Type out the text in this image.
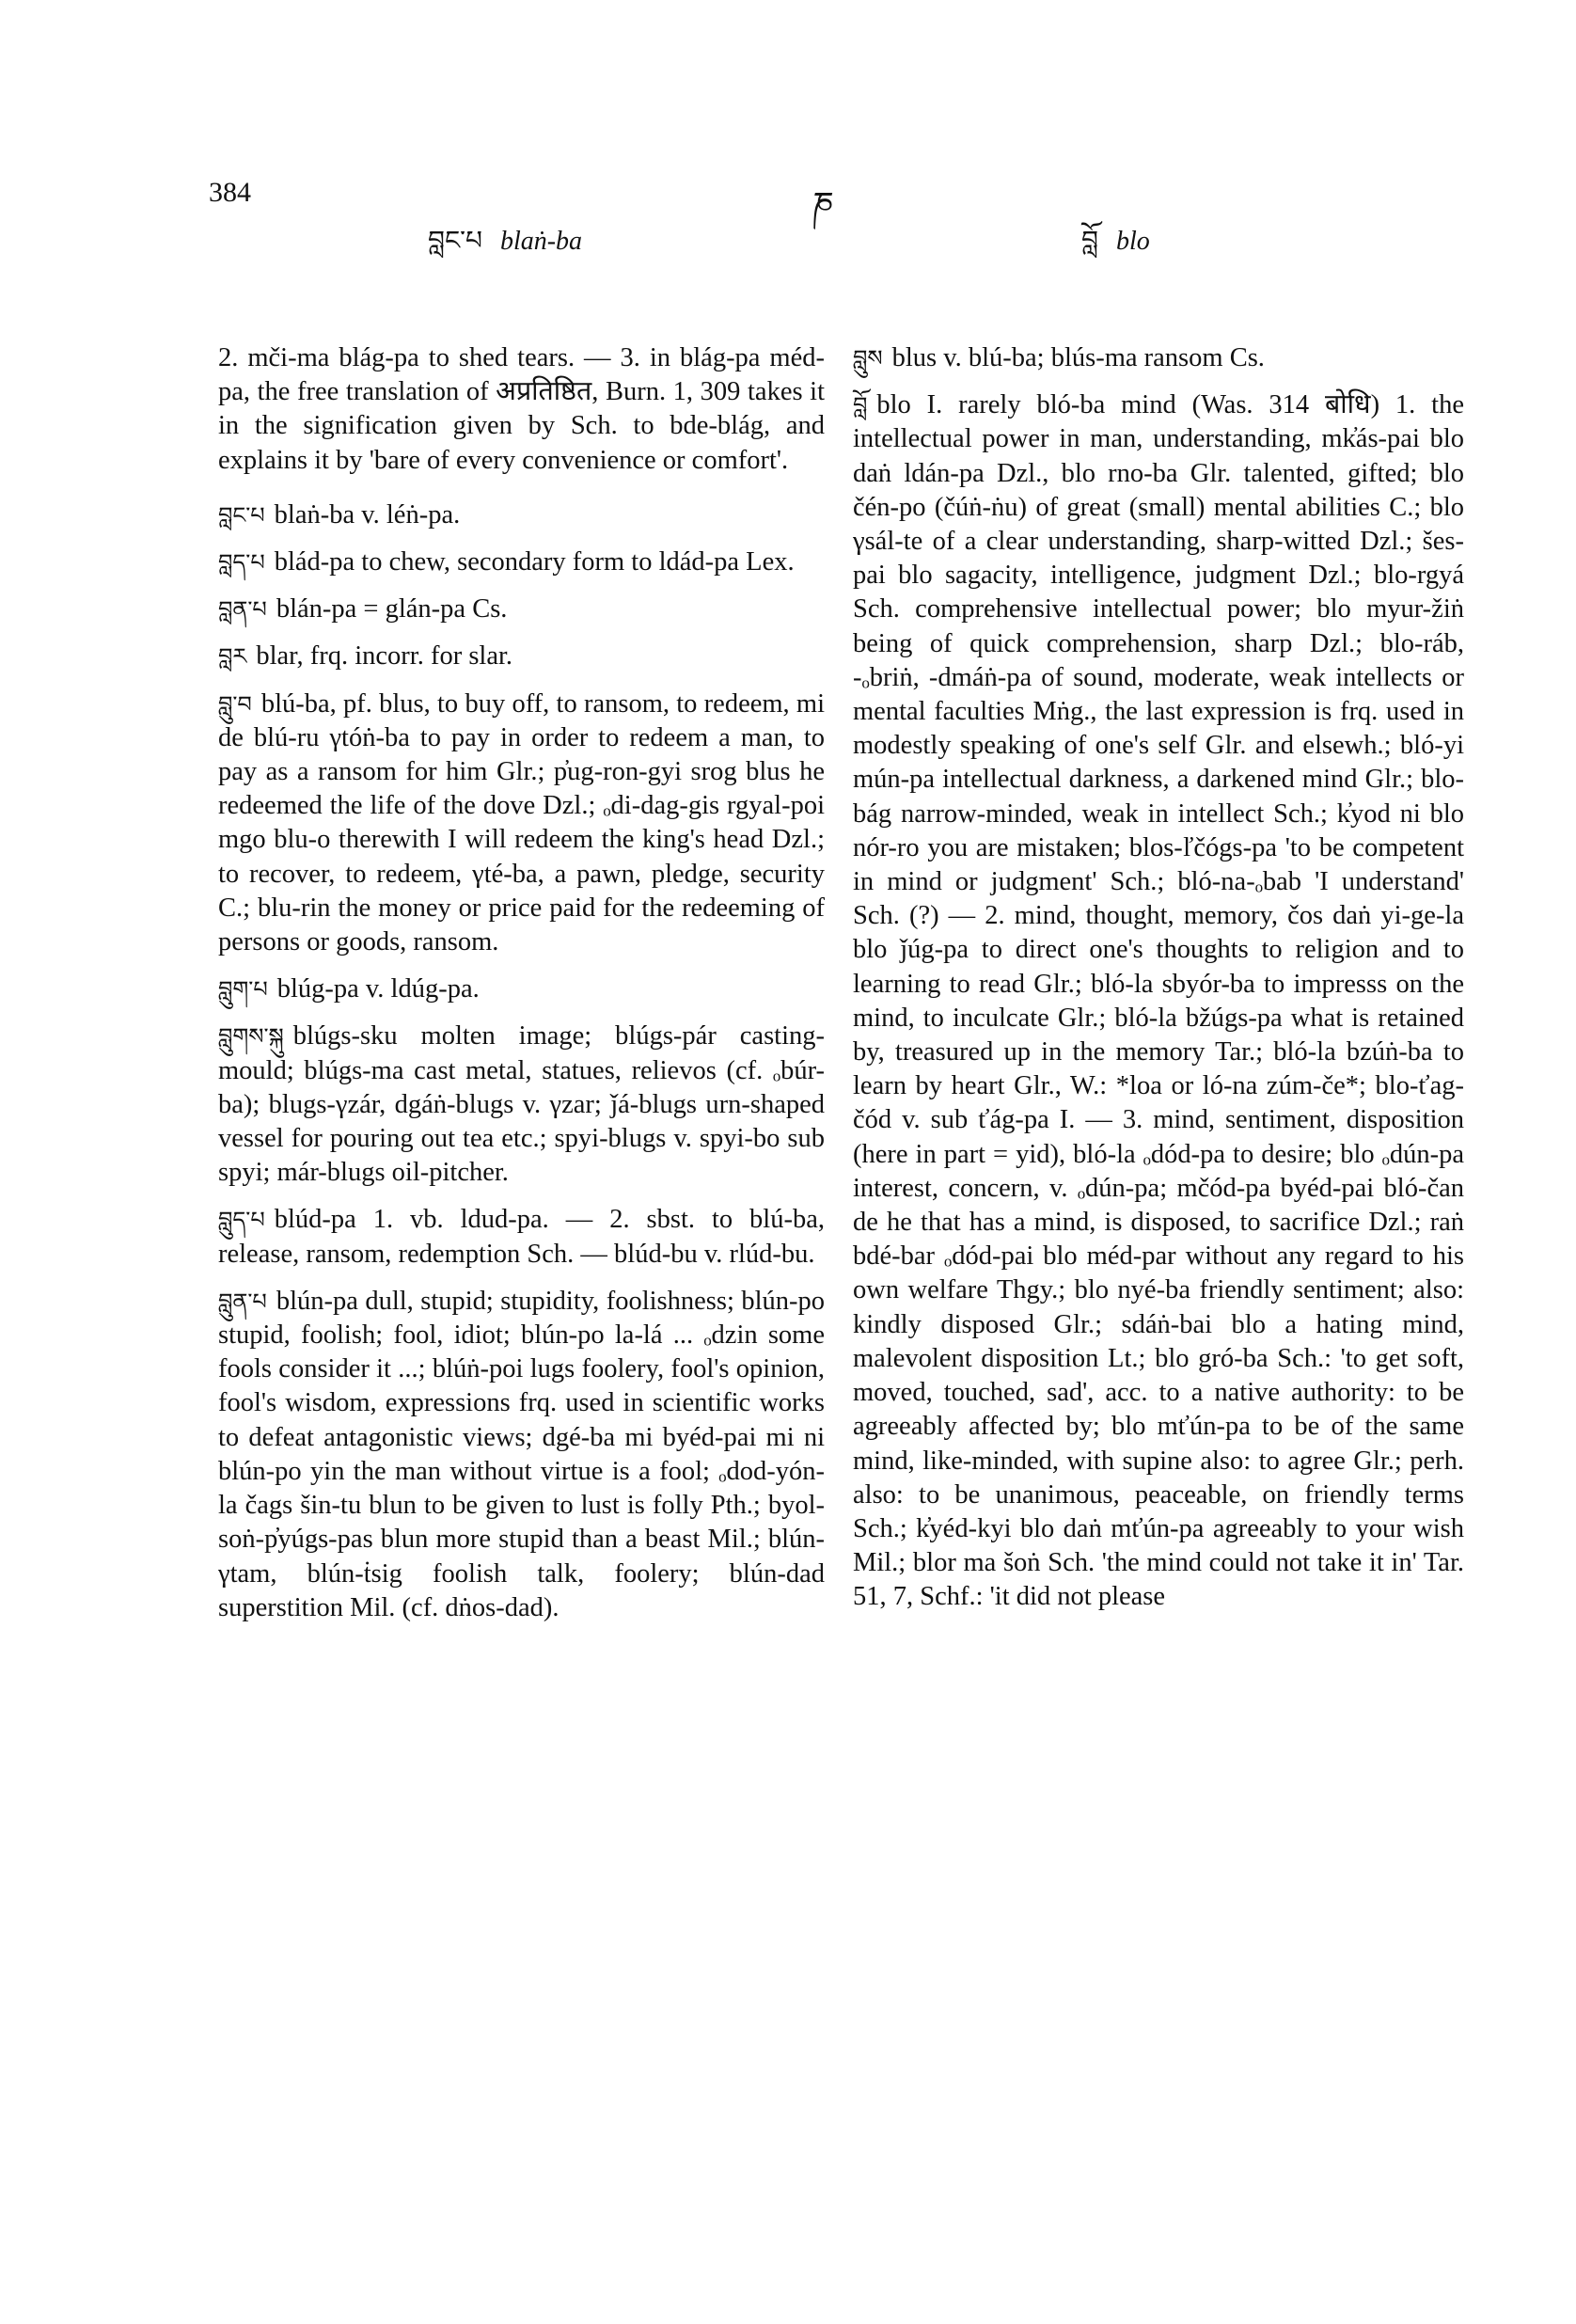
384	ཎ
བླང་པ blaṅ-ba	བློ blo

2. mči-ma blág-pa to shed tears. — 3. in blág-pa méd-pa, the free translation of अप्रतिष्ठित, Burn. 1, 309 takes it in the signification given by Sch. to bde-blág, and explains it by 'bare of every convenience or comfort'.

བླང་པ blaṅ-ba v. léṅ-pa.

བླད་པ blád-pa to chew, secondary form to ldád-pa Lex.

བླན་པ blán-pa = glán-pa Cs.

བླར blar, frq. incorr. for slar.

བླུ་བ blú-ba, pf. blus, to buy off, to ransom, to redeem, mi de blú-ru γtóṅ-ba to pay in order to redeem a man, to pay as a ransom for him Glr.; p̓ug-ron-gyi srog blus he redeemed the life of the dove Dzl.; ₒdi-dag-gis rgyal-poi mgo blu-o therewith I will redeem the king's head Dzl.; to recover, to redeem, γté-ba, a pawn, pledge, security C.; blu-rin the money or price paid for the redeeming of persons or goods, ransom.

བླུག་པ blúg-pa v. ldúg-pa.

བླུགས་སྐུ blúgs-sku molten image; blúgs-pár casting-mould; blúgs-ma cast metal, statues, relievos (cf. ₒbúr-ba); blugs-γzár, dgáṅ-blugs v. γzar; ǰá-blugs urn-shaped vessel for pouring out tea etc.; spyi-blugs v. spyi-bo sub spyi; már-blugs oil-pitcher.

བླུད་པ blúd-pa 1. vb. ldud-pa. — 2. sbst. to blú-ba, release, ransom, redemption Sch. — blúd-bu v. rlúd-bu.

བླུན་པ blún-pa dull, stupid; stupidity, foolishness; blún-po stupid, foolish; fool, idiot; blún-po la-lá ... ₒdzin some fools consider it ...; blúṅ-poi lugs foolery, fool's opinion, fool's wisdom, expressions frq. used in scientific works to defeat antagonistic views; dgé-ba mi byéd-pai mi ni blún-po yin the man without virtue is a fool; ₒdod-yón-la čags šin-tu blun to be given to lust is folly Pth.; byol-soṅ-p̓yúgs-pas blun more stupid than a beast Mil.; blún-γtam, blún-ṫsig foolish talk, foolery; blún-dad superstition Mil. (cf. dṅos-dad).

བླུས blus v. blú-ba; blús-ma ransom Cs.

བློ blo I. rarely bló-ba mind (Was. 314 बोधि) 1. the intellectual power in man, understanding, mk̓ás-pai blo daṅ ldán-pa Dzl., blo rno-ba Glr. talented, gifted; blo čén-po (čúṅ-ṅu) of great (small) mental abilities C.; blo γsál-te of a clear understanding, sharp-witted Dzl.; šes-pai blo sagacity, intelligence, judgment Dzl.; blo-rgyá Sch. comprehensive intellectual power; blo myur-žiṅ being of quick comprehension, sharp Dzl.; blo-ráb, -ₒbriṅ, -dmáṅ-pa of sound, moderate, weak intellects or mental faculties Mṅg., the last expression is frq. used in modestly speaking of one's self Glr. and elsewh.; bló-yi mún-pa intellectual darkness, a darkened mind Glr.; blo-bág narrow-minded, weak in intellect Sch.; k̓yod ni blo nór-ro you are mistaken; blos-ľčógs-pa 'to be competent in mind or judgment' Sch.; bló-na-ₒbab 'I understand' Sch. (?) — 2. mind, thought, memory, čos daṅ yi-ge-la blo ǰúg-pa to direct one's thoughts to religion and to learning to read Glr.; bló-la sbyór-ba to impresss on the mind, to inculcate Glr.; bló-la bžúgs-pa what is retained by, treasured up in the memory Tar.; bló-la bzúṅ-ba to learn by heart Glr., W.: *loa or ló-na zúm-če*; blo-ťag-čód v. sub ťág-pa I. — 3. mind, sentiment, disposition (here in part = yid), bló-la ₒdód-pa to desire; blo ₒdún-pa interest, concern, v. ₒdún-pa; mčód-pa byéd-pai bló-čan de he that has a mind, is disposed, to sacrifice Dzl.; raṅ bdé-bar ₒdód-pai blo méd-par without any regard to his own welfare Thgy.; blo nyé-ba friendly sentiment; also: kindly disposed Glr.; sdáṅ-bai blo a hating mind, malevolent disposition Lt.; blo gró-ba Sch.: 'to get soft, moved, touched, sad', acc. to a native authority: to be agreeably affected by; blo mťún-pa to be of the same mind, like-minded, with supine also: to agree Glr.; perh. also: to be unanimous, peaceable, on friendly terms Sch.; k̓yéd-kyi blo daṅ mťún-pa agreeably to your wish Mil.; blor ma šoṅ Sch. 'the mind could not take it in' Tar. 51, 7, Schf.: 'it did not please
